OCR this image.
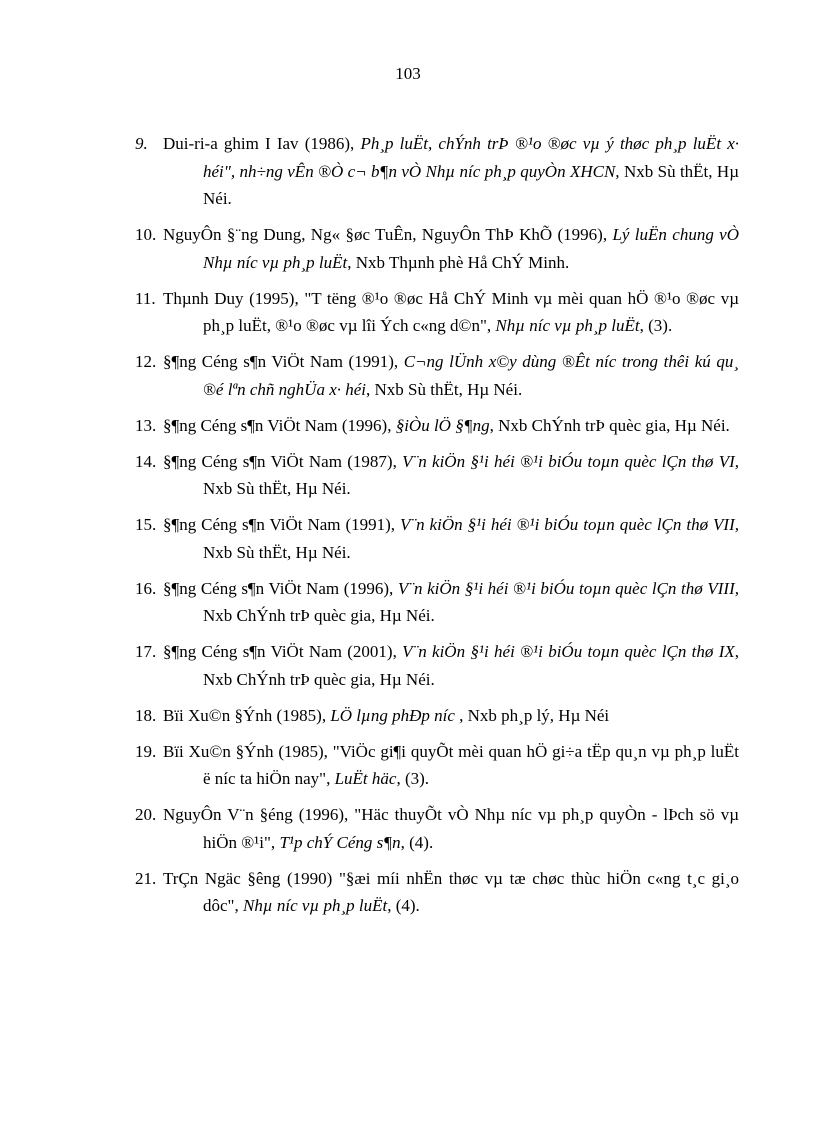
103
9. Dui-ri-a ghim I Iav (1986), Ph¸p luËt, chÝnh trÞ ®¹o ®øc vµ ý thøc ph¸p luËt x· héi", nh÷ng vÊn ®Ò c¬ b¶n vÒ Nhµ níc ph¸p quyÒn XHCN, Nxb Sù thËt, Hµ Néi.
10. NguyÔn §¨ng Dung, Ng« §øc TuÊn, NguyÔn ThÞ KhÕ (1996), Lý luËn chung vÒ Nhµ níc vµ ph¸p luËt, Nxb Thµnh phè Hå ChÝ Minh.
11. Thµnh Duy (1995), "T tëng ®¹o ®øc Hå ChÝ Minh vµ mèi quan hÖ ®¹o ®øc vµ ph¸p luËt, ®¹o ®øc vµ lîi Ých c«ng d©n", Nhµ níc vµ ph¸p luËt, (3).
12. §¶ng Céng s¶n ViÖt Nam (1991), C¬ng lÜnh x©y dùng ®Êt níc trong thêi kú qu¸ ®é lªn chñ nghÜa x· héi, Nxb Sù thËt, Hµ Néi.
13. §¶ng Céng s¶n ViÖt Nam (1996), §iÒu lÖ §¶ng, Nxb ChÝnh trÞ quèc gia, Hµ Néi.
14. §¶ng Céng s¶n ViÖt Nam (1987), V¨n kiÖn §¹i héi ®¹i biÓu toµn quèc lÇn thø VI, Nxb Sù thËt, Hµ Néi.
15. §¶ng Céng s¶n ViÖt Nam (1991), V¨n kiÖn §¹i héi ®¹i biÓu toµn quèc lÇn thø VII, Nxb Sù thËt, Hµ Néi.
16. §¶ng Céng s¶n ViÖt Nam (1996), V¨n kiÖn §¹i héi ®¹i biÓu toµn quèc lÇn thø VIII, Nxb ChÝnh trÞ quèc gia, Hµ Néi.
17. §¶ng Céng s¶n ViÖt Nam (2001), V¨n kiÖn §¹i héi ®¹i biÓu toµn quèc lÇn thø IX, Nxb ChÝnh trÞ quèc gia, Hµ Néi.
18. Bïi Xu©n §Ýnh (1985), LÖ lµng phÐp níc , Nxb ph¸p lý, Hµ Néi
19. Bïi Xu©n §Ýnh (1985), "ViÖc gi¶i quyÕt mèi quan hÖ gi÷a tËp qu¸n vµ ph¸p luËt ë níc ta hiÖn nay", LuËt häc, (3).
20. NguyÔn V¨n §éng (1996), "Häc thuyÕt vÒ Nhµ níc vµ ph¸p quyÒn - lÞch sö vµ hiÖn ®¹i", T¹p chÝ Céng s¶n, (4).
21. TrÇn Ngäc §êng (1990) "§æi míi nhËn thøc vµ tæ chøc thùc hiÖn c«ng t¸c gi¸o dôc", Nhµ níc vµ ph¸p luËt, (4).
